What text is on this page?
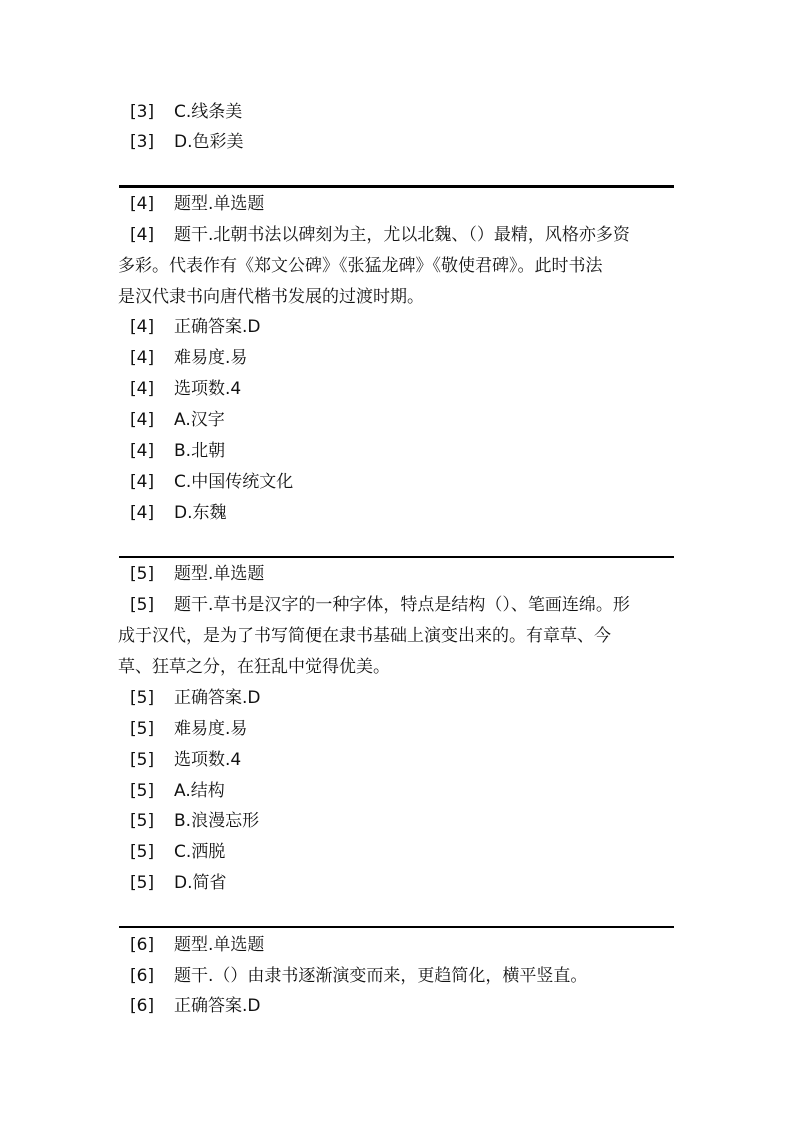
[3] C.线条美
[3] D.色彩美
[4] 题型.单选题
[4] 题干.北朝书法以碑刻为主，尤以北魏、（）最精，风格亦多资
多彩。代表作有《郑文公碑》《张猛龙碑》《敬使君碑》。此时书法
是汉代隶书向唐代楷书发展的过渡时期。
[4] 正确答案.D
[4] 难易度.易
[4] 选项数.4
[4] A.汉字
[4] B.北朝
[4] C.中国传统文化
[4] D.东魏
[5] 题型.单选题
[5] 题干.草书是汉字的一种字体，特点是结构（）、笔画连绵。形
成于汉代，是为了书写简便在隶书基础上演变出来的。有章草、今
草、狂草之分，在狂乱中觉得优美。
[5] 正确答案.D
[5] 难易度.易
[5] 选项数.4
[5] A.结构
[5] B.浪漫忘形
[5] C.洒脱
[5] D.简省
[6] 题型.单选题
[6] 题干.（）由隶书逐渐演变而来，更趋简化，横平竖直。
[6] 正确答案.D
